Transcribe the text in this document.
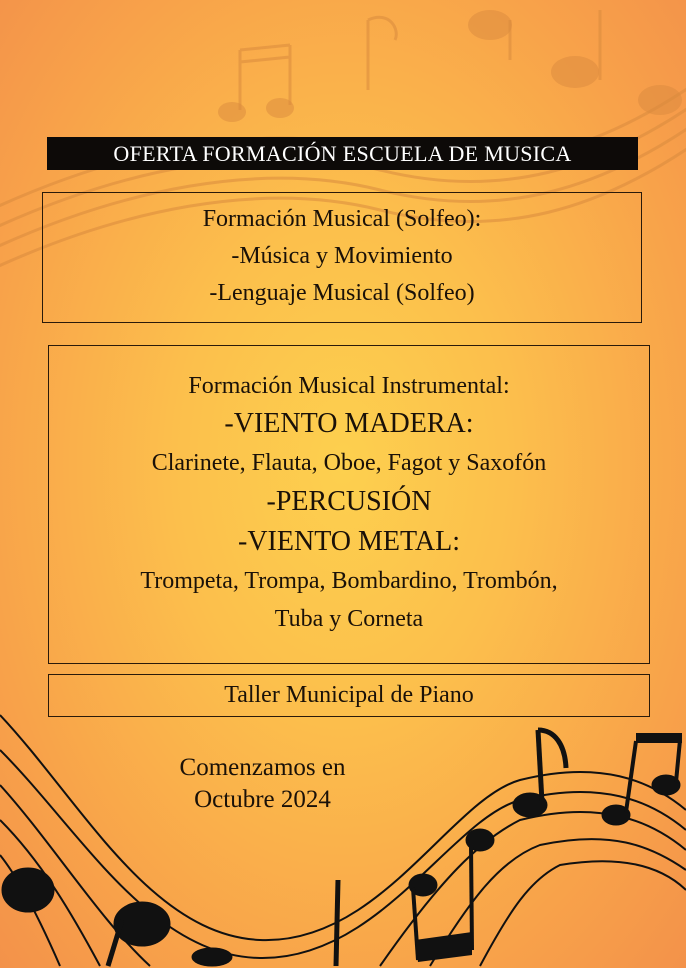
OFERTA FORMACIÓN ESCUELA DE MUSICA
Formación Musical (Solfeo):
-Música y Movimiento
-Lenguaje Musical (Solfeo)
Formación Musical Instrumental:
-VIENTO MADERA:
Clarinete, Flauta, Oboe, Fagot y Saxofón
-PERCUSIÓN
-VIENTO METAL:
Trompeta, Trompa, Bombardino, Trombón,
Tuba y Corneta
Taller Municipal de Piano
Comenzamos en
Octubre 2024
